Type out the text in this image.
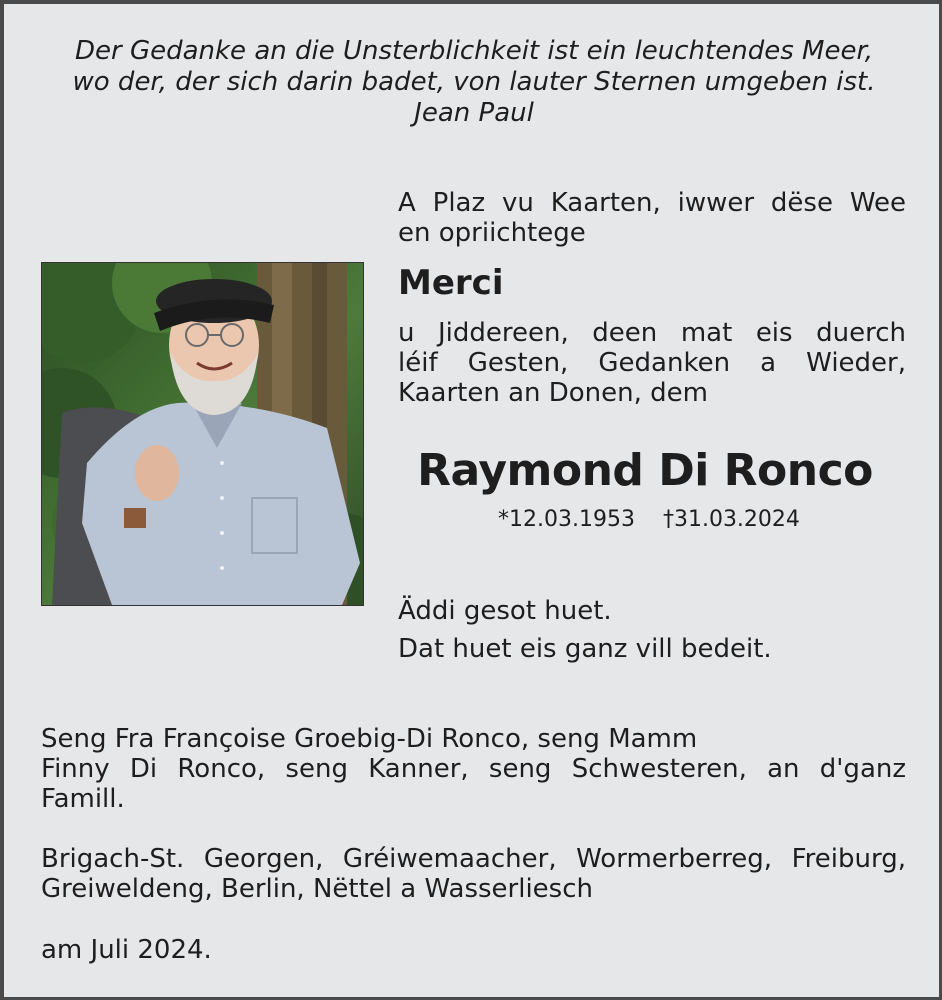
Der Gedanke an die Unsterblichkeit ist ein leuchtendes Meer,
wo der, der sich darin badet, von lauter Sternen umgeben ist.
Jean Paul
A Plaz vu Kaarten, iwwer dëse Wee
en opriichtege
Merci
u Jiddereen, deen mat eis duerch
léif Gesten, Gedanken a Wieder,
Kaarten an Donen, dem
Raymond Di Ronco
*12.03.1953 †31.03.2024
Äddi gesot huet.
Dat huet eis ganz vill bedeit.
Seng Fra Françoise Groebig-Di Ronco, seng Mamm
Finny Di Ronco, seng Kanner, seng Schwesteren, an d'ganz
Famill.
Brigach-St. Georgen, Gréiwemaacher, Wormerberreg, Freiburg,
Greiweldeng, Berlin, Nëttel a Wasserliesch
am Juli 2024.
